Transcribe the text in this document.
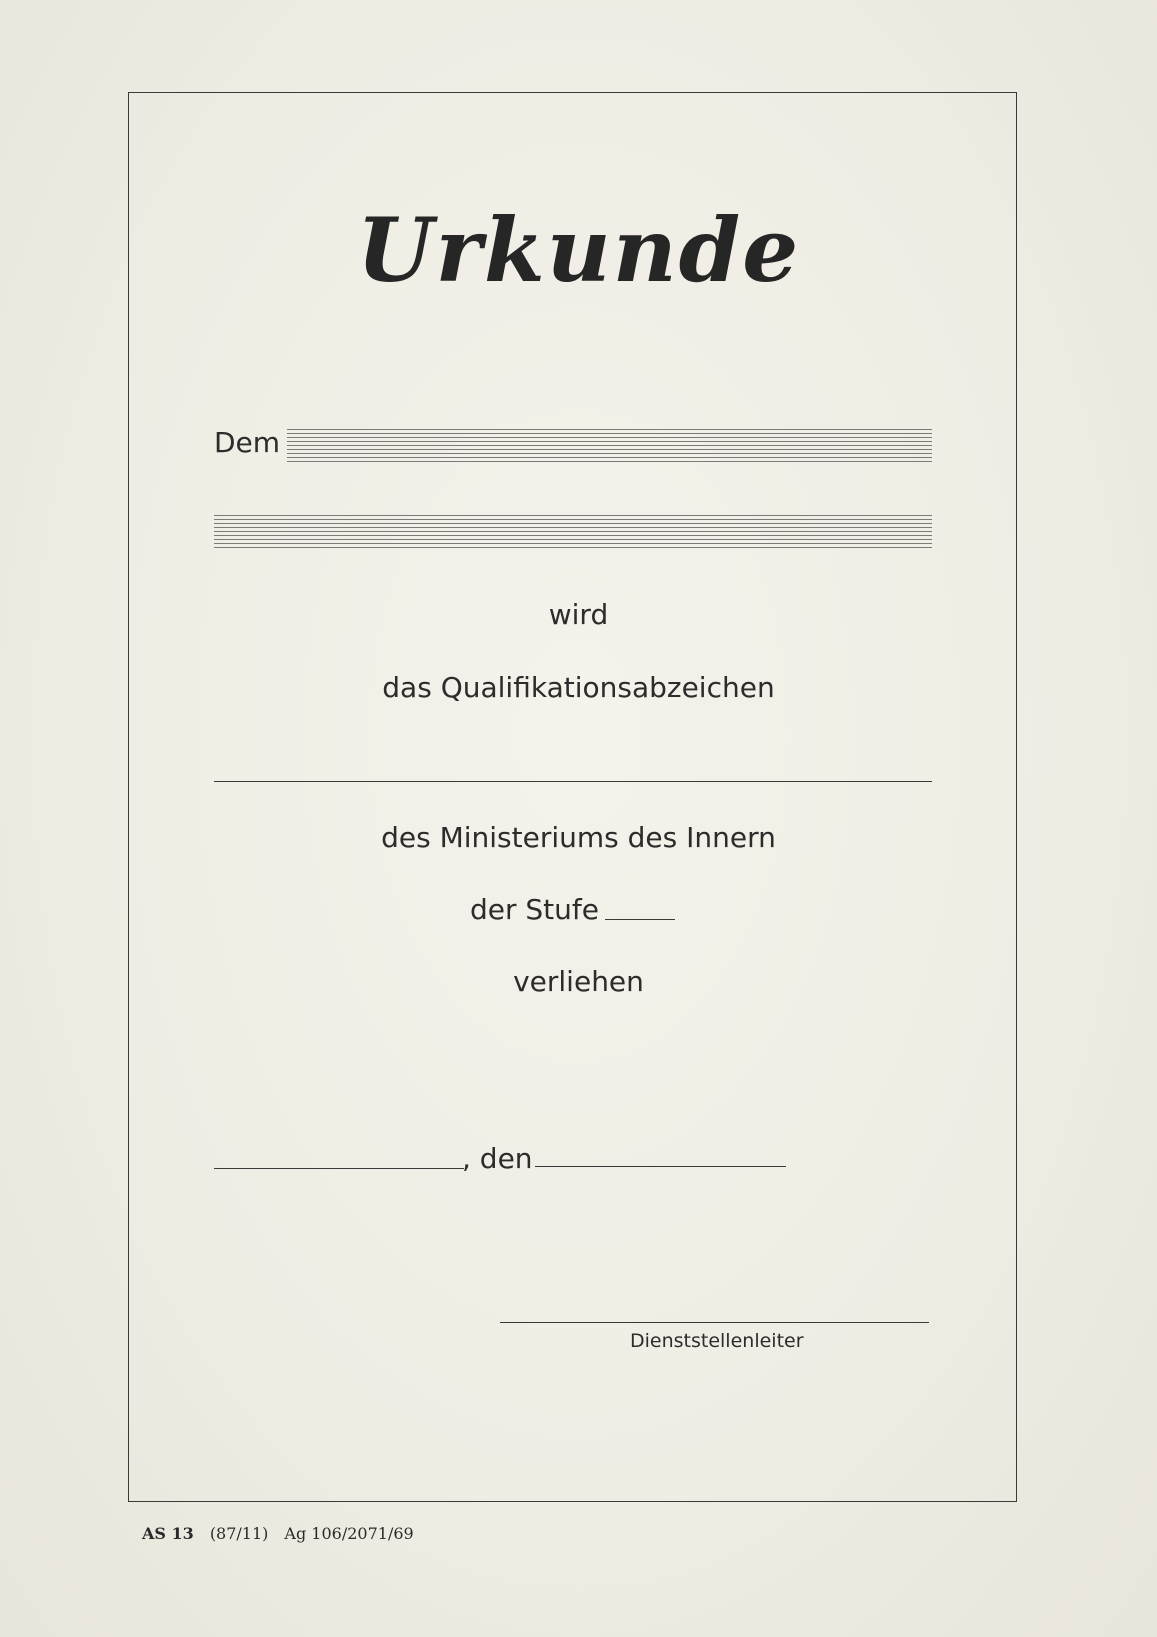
Urkunde
Dem
wird
das Qualifikationsabzeichen
des Ministeriums des Innern
der Stufe
verliehen
, den
Dienststellenleiter
AS 13 (87/11) Ag 106/2071/69
